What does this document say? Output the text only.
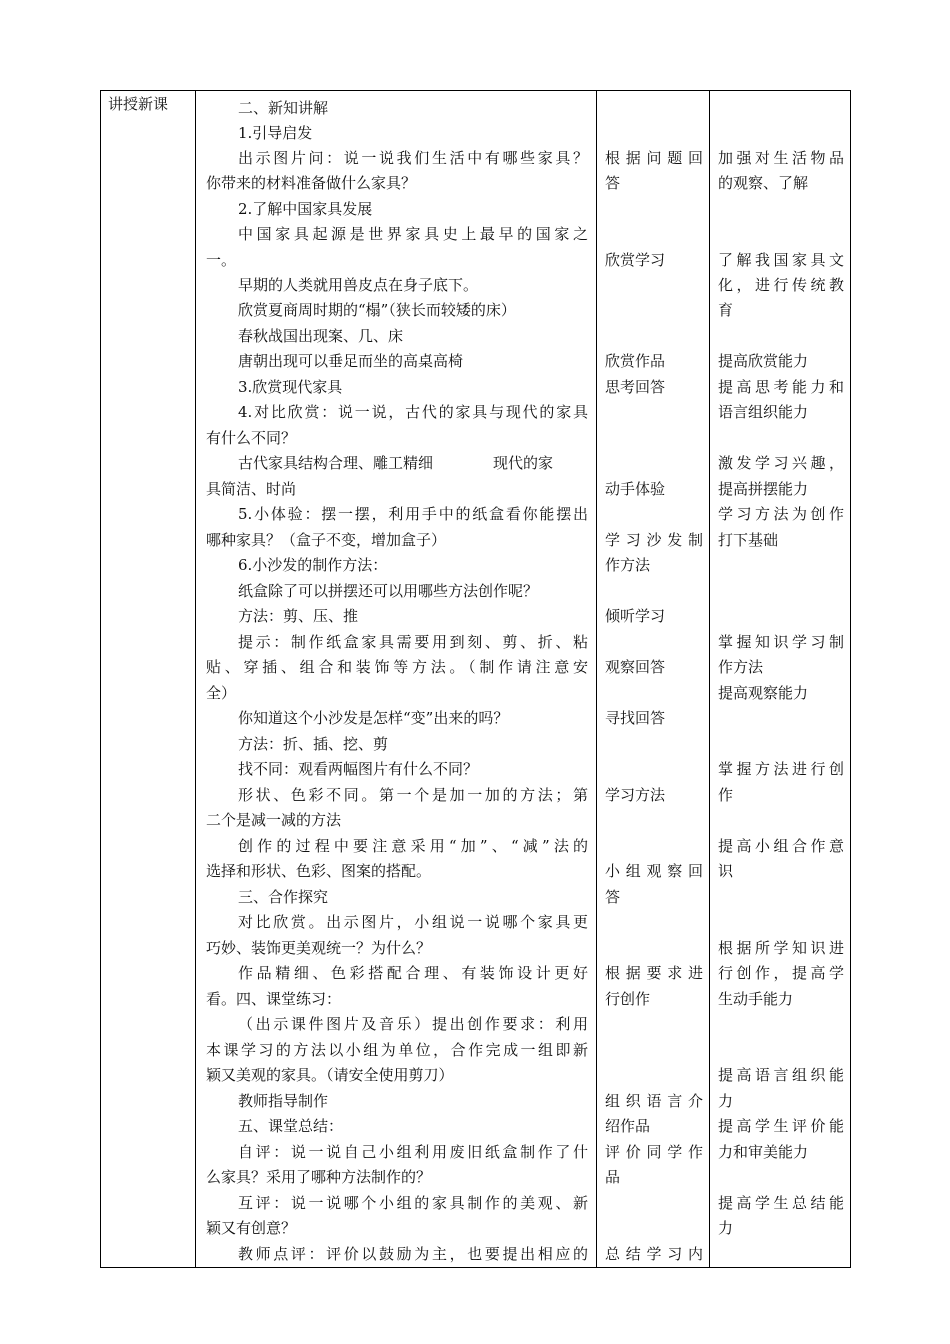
讲授新课	二、新知讲解
1.引导启发
出示图片问：说一说我们生活中有哪些家具？
你带来的材料准备做什么家具？
2.了解中国家具发展
中国家具起源是世界家具史上最早的国家之
一。
早期的人类就用兽皮点在身子底下。
欣赏夏商周时期的“榻”（狭长而较矮的床）
春秋战国出现案、几、床
唐朝出现可以垂足而坐的高桌高椅
3.欣赏现代家具
4.对比欣赏：说一说，古代的家具与现代的家具
有什么不同？
古代家具结构合理、雕工精细　　　　现代的家
具简洁、时尚
5.小体验：摆一摆，利用手中的纸盒看你能摆出
哪种家具？（盒子不变，增加盒子）
6.小沙发的制作方法：
纸盒除了可以拼摆还可以用哪些方法创作呢？
方法：剪、压、推
提示：制作纸盒家具需要用到刻、剪、折、粘
贴、穿插、组合和装饰等方法。（制作请注意安
全）
你知道这个小沙发是怎样“变”出来的吗？
方法：折、插、挖、剪
找不同：观看两幅图片有什么不同？
形状、色彩不同。第一个是加一加的方法；第
二个是减一减的方法
创作的过程中要注意采用“加”、“减”法的
选择和形状、色彩、图案的搭配。
三、合作探究
对比欣赏。出示图片，小组说一说哪个家具更
巧妙、装饰更美观统一？为什么？
作品精细、色彩搭配合理、有装饰设计更好
看。四、课堂练习：
（出示课件图片及音乐）提出创作要求：利用
本课学习的方法以小组为单位，合作完成一组即新
颖又美观的家具。（请安全使用剪刀）
教师指导制作
五、课堂总结：
自评：说一说自己小组利用废旧纸盒制作了什
么家具？采用了哪种方法制作的？
互评：说一说哪个小组的家具制作的美观、新
颖又有创意？
教师点评：评价以鼓励为主，也要提出相应的
根据问题回
答
欣赏学习
欣赏作品
思考回答
动手体验
学习沙发制
作方法
倾听学习
观察回答
寻找回答
学习方法
小组观察回
答
根据要求进
行创作
组织语言介
绍作品
评价同学作
品
总结学习内
加强对生活物品
的观察、了解
了解我国家具文
化，进行传统教
育
提高欣赏能力
提高思考能力和
语言组织能力
激发学习兴趣，
提高拼摆能力
学习方法为创作
打下基础
掌握知识学习制
作方法
提高观察能力
掌握方法进行创
作
提高小组合作意
识
根据所学知识进
行创作，提高学
生动手能力
提高语言组织能
力
提高学生评价能
力和审美能力
提高学生总结能
力
